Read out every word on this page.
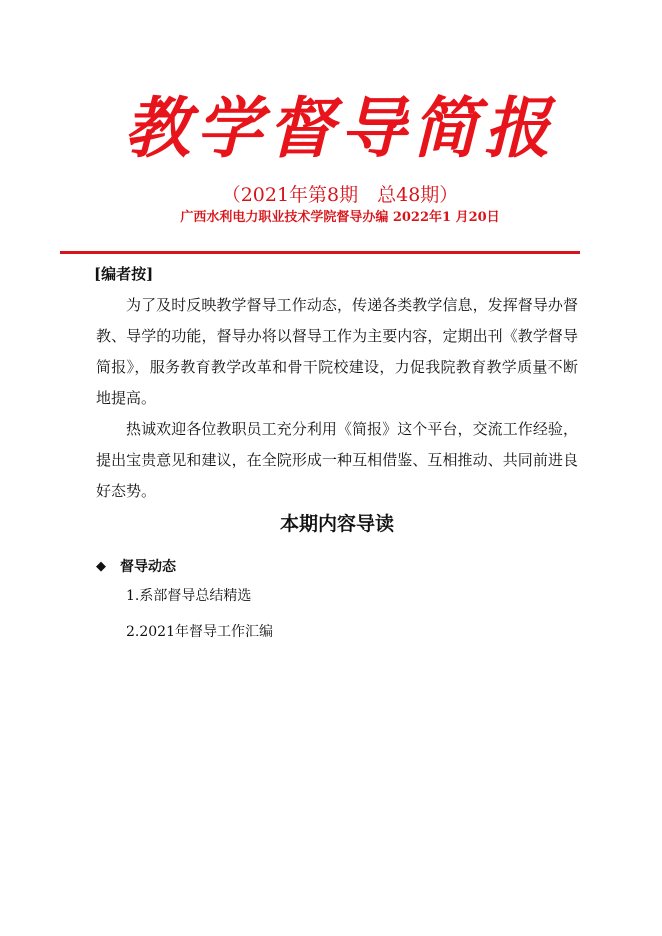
教学督导简报
（2021年第8期　总48期）
广西水利电力职业技术学院督导办编 2022年1 月20日
[编者按]
为了及时反映教学督导工作动态，传递各类教学信息，发挥督导办督教、导学的功能，督导办将以督导工作为主要内容，定期出刊《教学督导简报》，服务教育教学改革和骨干院校建设，力促我院教育教学质量不断地提高。
热诚欢迎各位教职员工充分利用《简报》这个平台，交流工作经验，提出宝贵意见和建议，在全院形成一种互相借鉴、互相推动、共同前进良好态势。
本期内容导读
◆ 督导动态
1.系部督导总结精选
2.2021年督导工作汇编
